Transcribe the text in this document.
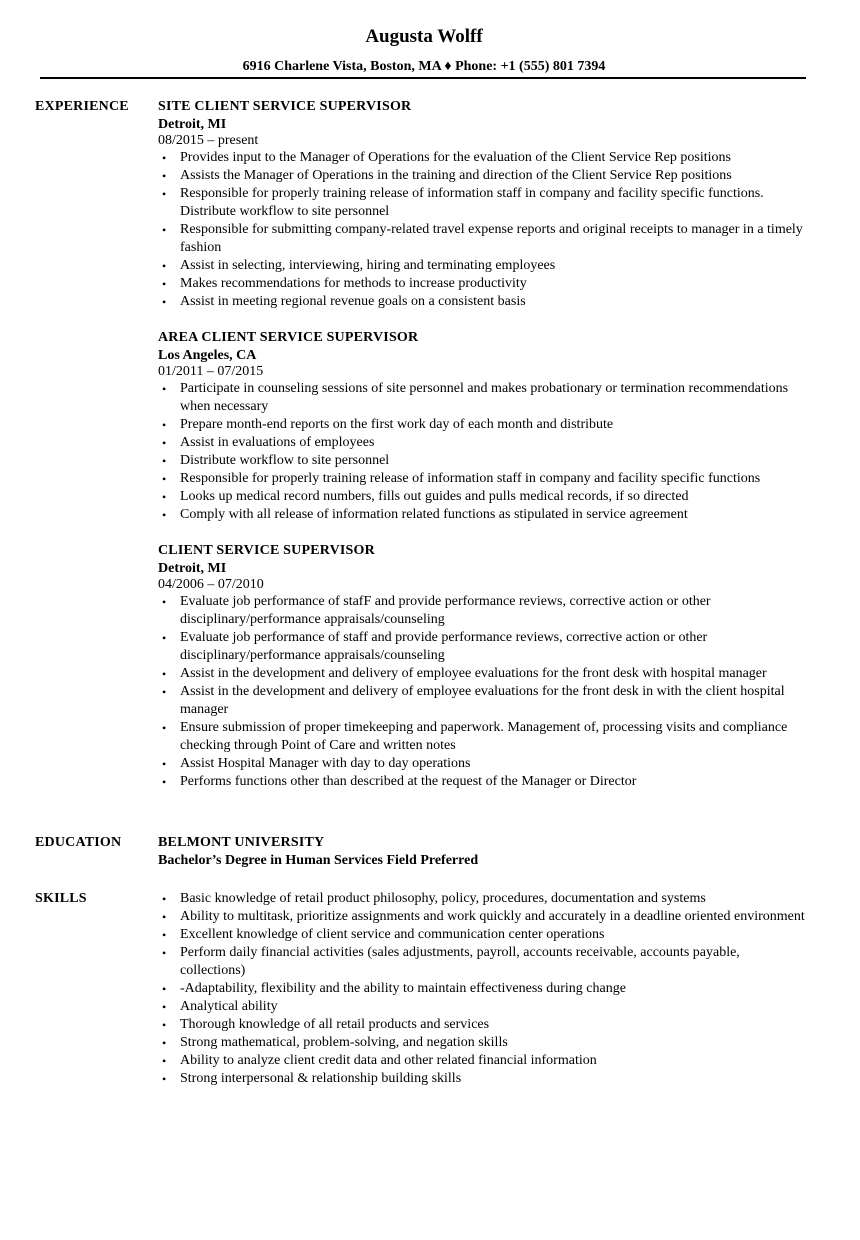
Augusta Wolff
6916 Charlene Vista, Boston, MA ♦ Phone: +1 (555) 801 7394
EXPERIENCE SITE CLIENT SERVICE SUPERVISOR
Detroit, MI
08/2015 – present
• Provides input to the Manager of Operations for the evaluation of the Client Service Rep positions
• Assists the Manager of Operations in the training and direction of the Client Service Rep positions
• Responsible for properly training release of information staff in company and facility specific functions. Distribute workflow to site personnel
• Responsible for submitting company-related travel expense reports and original receipts to manager in a timely fashion
• Assist in selecting, interviewing, hiring and terminating employees
• Makes recommendations for methods to increase productivity
• Assist in meeting regional revenue goals on a consistent basis
AREA CLIENT SERVICE SUPERVISOR
Los Angeles, CA
01/2011 – 07/2015
• Participate in counseling sessions of site personnel and makes probationary or termination recommendations when necessary
• Prepare month-end reports on the first work day of each month and distribute
• Assist in evaluations of employees
• Distribute workflow to site personnel
• Responsible for properly training release of information staff in company and facility specific functions
• Looks up medical record numbers, fills out guides and pulls medical records, if so directed
• Comply with all release of information related functions as stipulated in service agreement
CLIENT SERVICE SUPERVISOR
Detroit, MI
04/2006 – 07/2010
• Evaluate job performance of stafF and provide performance reviews, corrective action or other disciplinary/performance appraisals/counseling
• Evaluate job performance of staff and provide performance reviews, corrective action or other disciplinary/performance appraisals/counseling
• Assist in the development and delivery of employee evaluations for the front desk with hospital manager
• Assist in the development and delivery of employee evaluations for the front desk in with the client hospital manager
• Ensure submission of proper timekeeping and paperwork. Management of, processing visits and compliance checking through Point of Care and written notes
• Assist Hospital Manager with day to day operations
• Performs functions other than described at the request of the Manager or Director
EDUCATION	BELMONT UNIVERSITY
Bachelor’s Degree in Human Services Field Preferred
SKILLS	• Basic knowledge of retail product philosophy, policy, procedures, documentation and systems
• Ability to multitask, prioritize assignments and work quickly and accurately in a deadline oriented environment
• Excellent knowledge of client service and communication center operations
• Perform daily financial activities (sales adjustments, payroll, accounts receivable, accounts payable, collections)
• -Adaptability, flexibility and the ability to maintain effectiveness during change
• Analytical ability
• Thorough knowledge of all retail products and services
• Strong mathematical, problem-solving, and negation skills
• Ability to analyze client credit data and other related financial information
• Strong interpersonal & relationship building skills
